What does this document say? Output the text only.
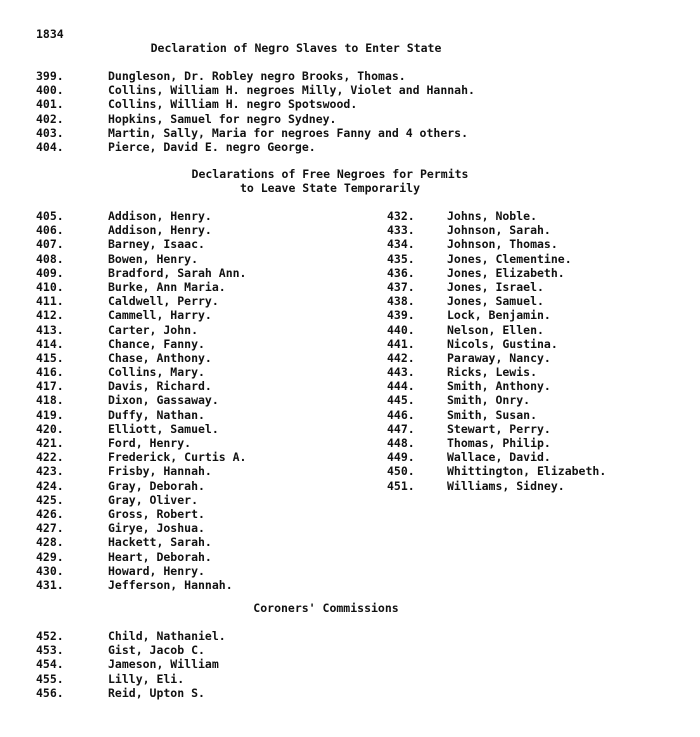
1834
Declaration of Negro Slaves to Enter State
399.	Dungleson, Dr. Robley negro Brooks, Thomas.
400.	Collins, William H. negroes Milly, Violet and Hannah.
401.	Collins, William H. negro Spotswood.
402.	Hopkins, Samuel for negro Sydney.
403.	Martin, Sally, Maria for negroes Fanny and 4 others.
404.	Pierce, David E. negro George.
Declarations of Free Negroes for Permits
to Leave State Temporarily
405.	Addison, Henry.
406.	Addison, Henry.
407.	Barney, Isaac.
408.	Bowen, Henry.
409.	Bradford, Sarah Ann.
410.	Burke, Ann Maria.
411.	Caldwell, Perry.
412.	Cammell, Harry.
413.	Carter, John.
414.	Chance, Fanny.
415.	Chase, Anthony.
416.	Collins, Mary.
417.	Davis, Richard.
418.	Dixon, Gassaway.
419.	Duffy, Nathan.
420.	Elliott, Samuel.
421.	Ford, Henry.
422.	Frederick, Curtis A.
423.	Frisby, Hannah.
424.	Gray, Deborah.
425.	Gray, Oliver.
426.	Gross, Robert.
427.	Girye, Joshua.
428.	Hackett, Sarah.
429.	Heart, Deborah.
430.	Howard, Henry.
431.	Jefferson, Hannah.
432.	Johns, Noble.
433.	Johnson, Sarah.
434.	Johnson, Thomas.
435.	Jones, Clementine.
436.	Jones, Elizabeth.
437.	Jones, Israel.
438.	Jones, Samuel.
439.	Lock, Benjamin.
440.	Nelson, Ellen.
441.	Nicols, Gustina.
442.	Paraway, Nancy.
443.	Ricks, Lewis.
444.	Smith, Anthony.
445.	Smith, Onry.
446.	Smith, Susan.
447.	Stewart, Perry.
448.	Thomas, Philip.
449.	Wallace, David.
450.	Whittington, Elizabeth.
451.	Williams, Sidney.
Coroners' Commissions
452.	Child, Nathaniel.
453.	Gist, Jacob C.
454.	Jameson, William
455.	Lilly, Eli.
456.	Reid, Upton S.
